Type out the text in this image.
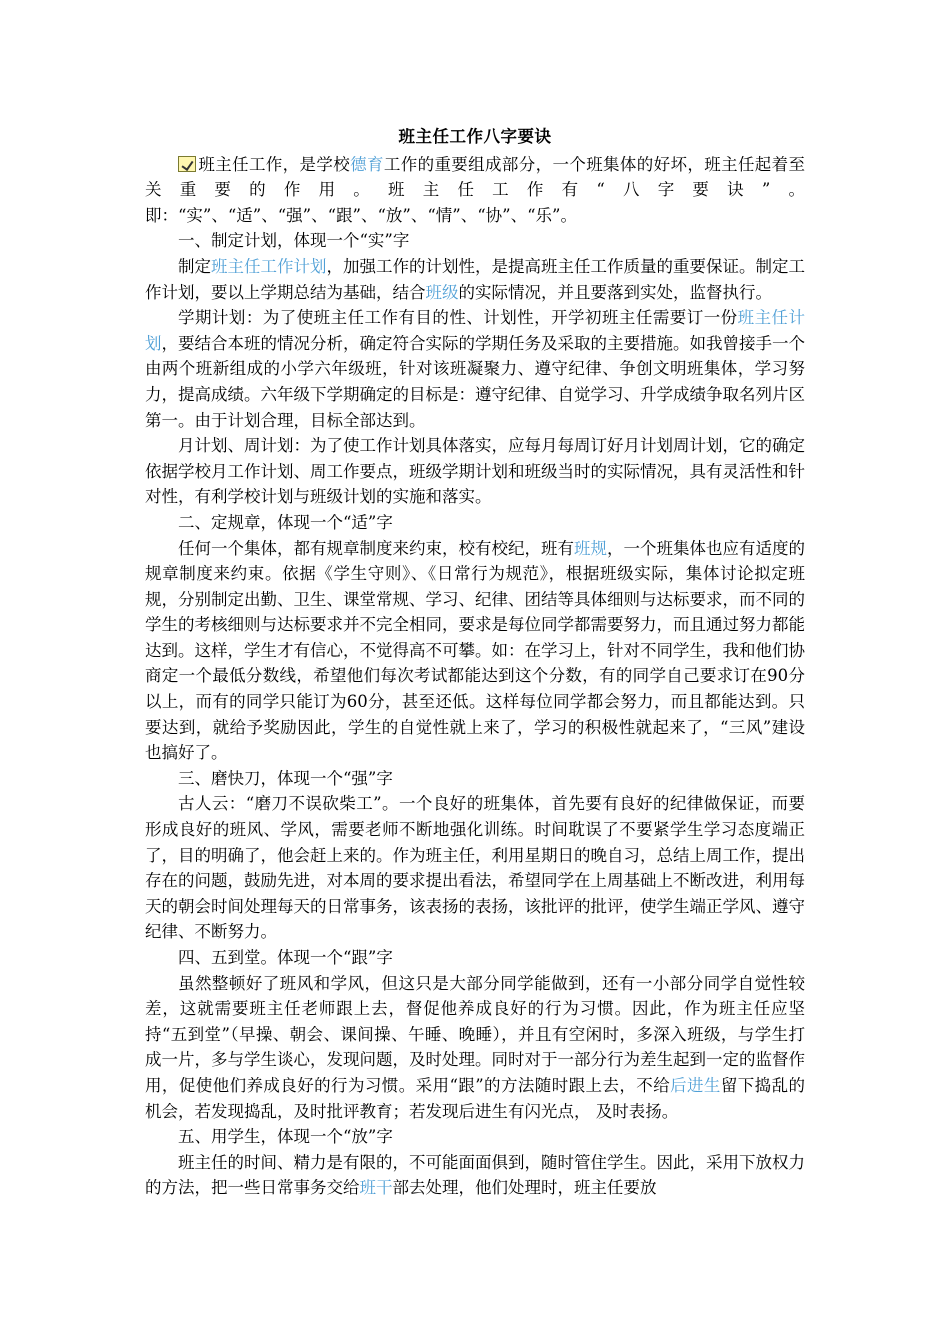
班主任工作八字要诀

班主任工作，是学校德育工作的重要组成部分，一个班集体的好坏，班主任起着至关重要的作用。班主任工作有“八字要诀”。即：“实”、“适”、“强”、“跟”、“放”、“情”、“协”、“乐”。

一、制定计划，体现一个“实”字

制定班主任工作计划，加强工作的计划性，是提高班主任工作质量的重要保证。制定工作计划，要以上学期总结为基础，结合班级的实际情况，并且要落到实处，监督执行。

学期计划：为了使班主任工作有目的性、计划性，开学初班主任需要订一份班主任计划，要结合本班的情况分析，确定符合实际的学期任务及采取的主要措施。如我曾接手一个由两个班新组成的小学六年级班，针对该班凝聚力、遵守纪律、争创文明班集体，学习努力，提高成绩。六年级下学期确定的目标是：遵守纪律、自觉学习、升学成绩争取名列片区第一。由于计划合理，目标全部达到。

月计划、周计划：为了使工作计划具体落实，应每月每周订好月计划周计划，它的确定依据学校月工作计划、周工作要点，班级学期计划和班级当时的实际情况，具有灵活性和针对性，有利学校计划与班级计划的实施和落实。

二、定规章，体现一个“适”字

任何一个集体，都有规章制度来约束，校有校纪，班有班规，一个班集体也应有适度的规章制度来约束。依据《学生守则》、《日常行为规范》，根据班级实际，集体讨论拟定班规，分别制定出勤、卫生、课堂常规、学习、纪律、团结等具体细则与达标要求，而不同的学生的考核细则与达标要求并不完全相同，要求是每位同学都需要努力，而且通过努力都能达到。这样，学生才有信心，不觉得高不可攀。如：在学习上，针对不同学生，我和他们协商定一个最低分数线，希望他们每次考试都能达到这个分数，有的同学自己要求订在90分以上，而有的同学只能订为60分，甚至还低。这样每位同学都会努力，而且都能达到。只要达到，就给予奖励因此，学生的自觉性就上来了，学习的积极性就起来了，“三风”建设也搞好了。

三、磨快刀，体现一个“强”字

古人云：“磨刀不误砍柴工”。一个良好的班集体，首先要有良好的纪律做保证，而要形成良好的班风、学风，需要老师不断地强化训练。时间耽误了不要紧学生学习态度端正了，目的明确了，他会赶上来的。作为班主任，利用星期日的晚自习，总结上周工作，提出存在的问题，鼓励先进，对本周的要求提出看法，希望同学在上周基础上不断改进，利用每天的朝会时间处理每天的日常事务，该表扬的表扬，该批评的批评，使学生端正学风、遵守纪律、不断努力。

四、五到堂。体现一个“跟”字

虽然整顿好了班风和学风，但这只是大部分同学能做到，还有一小部分同学自觉性较差，这就需要班主任老师跟上去，督促他养成良好的行为习惯。因此，作为班主任应坚持“五到堂”（早操、朝会、课间操、午睡、晚睡），并且有空闲时，多深入班级，与学生打成一片，多与学生谈心，发现问题，及时处理。同时对于一部分行为差生起到一定的监督作用，促使他们养成良好的行为习惯。采用“跟”的方法随时跟上去，不给后进生留下捣乱的机会，若发现捣乱，及时批评教育；若发现后进生有闪光点， 及时表扬。

五、用学生，体现一个“放”字

班主任的时间、精力是有限的，不可能面面俱到，随时管住学生。因此，采用下放权力的方法，把一些日常事务交给班干部去处理，他们处理时，班主任要放
